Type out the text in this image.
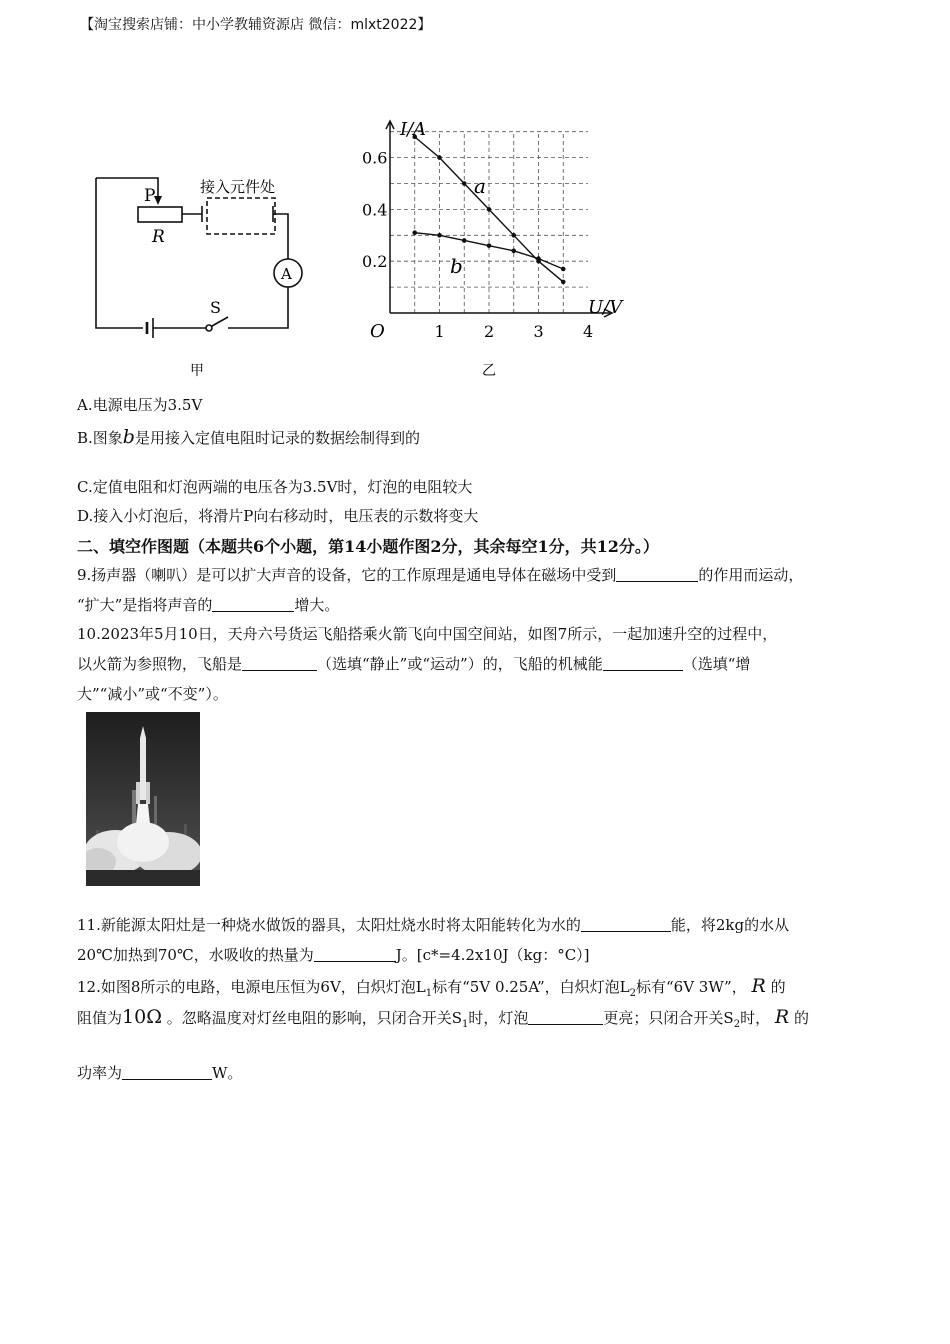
【淘宝搜索店铺：中小学教辅资源店 微信：mlxt2022】
P
R
接入元件处
A
S
甲
I/A
U/V
O
0.2
0.4
0.6
1 2 3 4
a
b
乙
A.电源电压为3.5V
B.图象b是用接入定值电阻时记录的数据绘制得到的
C.定值电阻和灯泡两端的电压各为3.5V时，灯泡的电阻较大
D.接入小灯泡后，将滑片P向右移动时，电压表的示数将变大
二、填空作图题（本题共6个小题，第14小题作图2分，其余每空1分，共12分。）
9.扬声器（喇叭）是可以扩大声音的设备，它的工作原理是通电导体在磁场中受到	的作用而运动，
“扩大”是指将声音的	增大。
10.2023年5月10日，天舟六号货运飞船搭乘火箭飞向中国空间站，如图7所示，一起加速升空的过程中，
以火箭为参照物，飞船是	（选填“静止”或“运动”）的，飞船的机械能	（选填“增
大”“减小”或“不变”）。
11.新能源太阳灶是一种烧水做饭的器具，太阳灶烧水时将太阳能转化为水的	能，将2kg的水从
20℃加热到70℃，水吸收的热量为	J。[c*=4.2x10J（kg：°C）]
12.如图8所示的电路，电源电压恒为6V，白炽灯泡$L_1$标有“5V 0.25A”，白炽灯泡$L_2$标有“6V 3W”， R 的
阻值为10Ω 。忽略温度对灯丝电阻的影响，只闭合开关$S_1$时，灯泡	更亮；只闭合开关$S_2$时， R 的
功率为	W。
